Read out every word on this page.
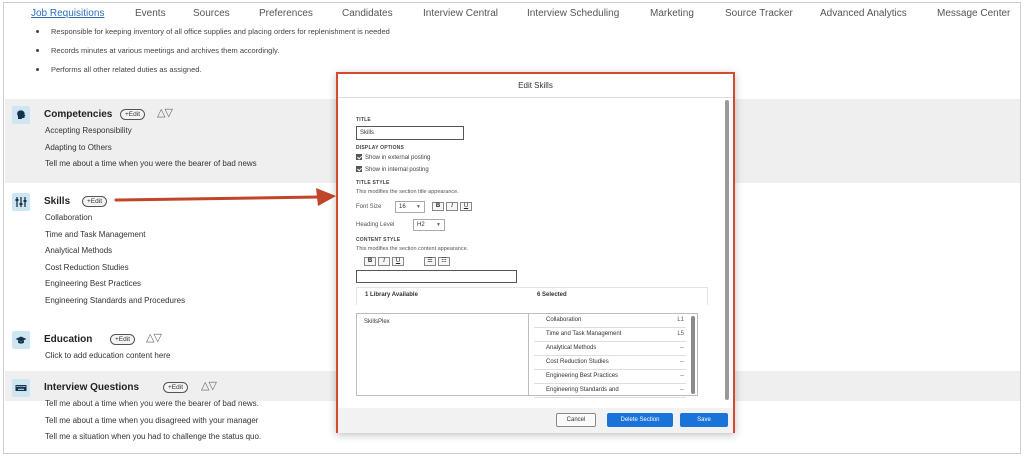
Job Requisitions	Events	Sources	Preferences	Candidates	Interview Central	Interview Scheduling	Marketing	Source Tracker	Advanced Analytics	Message Center
Responsible for keeping inventory of all office supplies and placing orders for replenishment is needed
Records minutes at various meetings and archives them accordingly.
Performs all other related duties as assigned.
Competencies	+Edit	△▽
Accepting Responsibility
Adapting to Others
Tell me about a time when you were the bearer of bad news
Skills	+Edit
Collaboration
Time and Task Management
Analytical Methods
Cost Reduction Studies
Engineering Best Practices
Engineering Standards and Procedures
Education	+Edit	△▽
Click to add education content here
Interview Questions	+Edit	△▽
Tell me about a time when you were the bearer of bad news.
Tell me about a time when you disagreed with your manager
Tell me a situation when you had to challenge the status quo.
Edit Skills
TITLE
Skills
DISPLAY OPTIONS
Show in external posting
Show in internal posting
TITLE STYLE
This modifies the section title appearance.
Font Size	16 ▼	B	I	U
Heading Level	H2 ▼
CONTENT STYLE
This modifies the section content appearance.
B	I	U	☰	☷
1 Library Available	6 Selected
SkillsPlex	Collaboration	L1
Time and Task Management	L5
Analytical Methods	--
Cost Reduction Studies	--
Engineering Best Practices	--
Engineering Standards and	--
Cancel	Delete Section	Save
